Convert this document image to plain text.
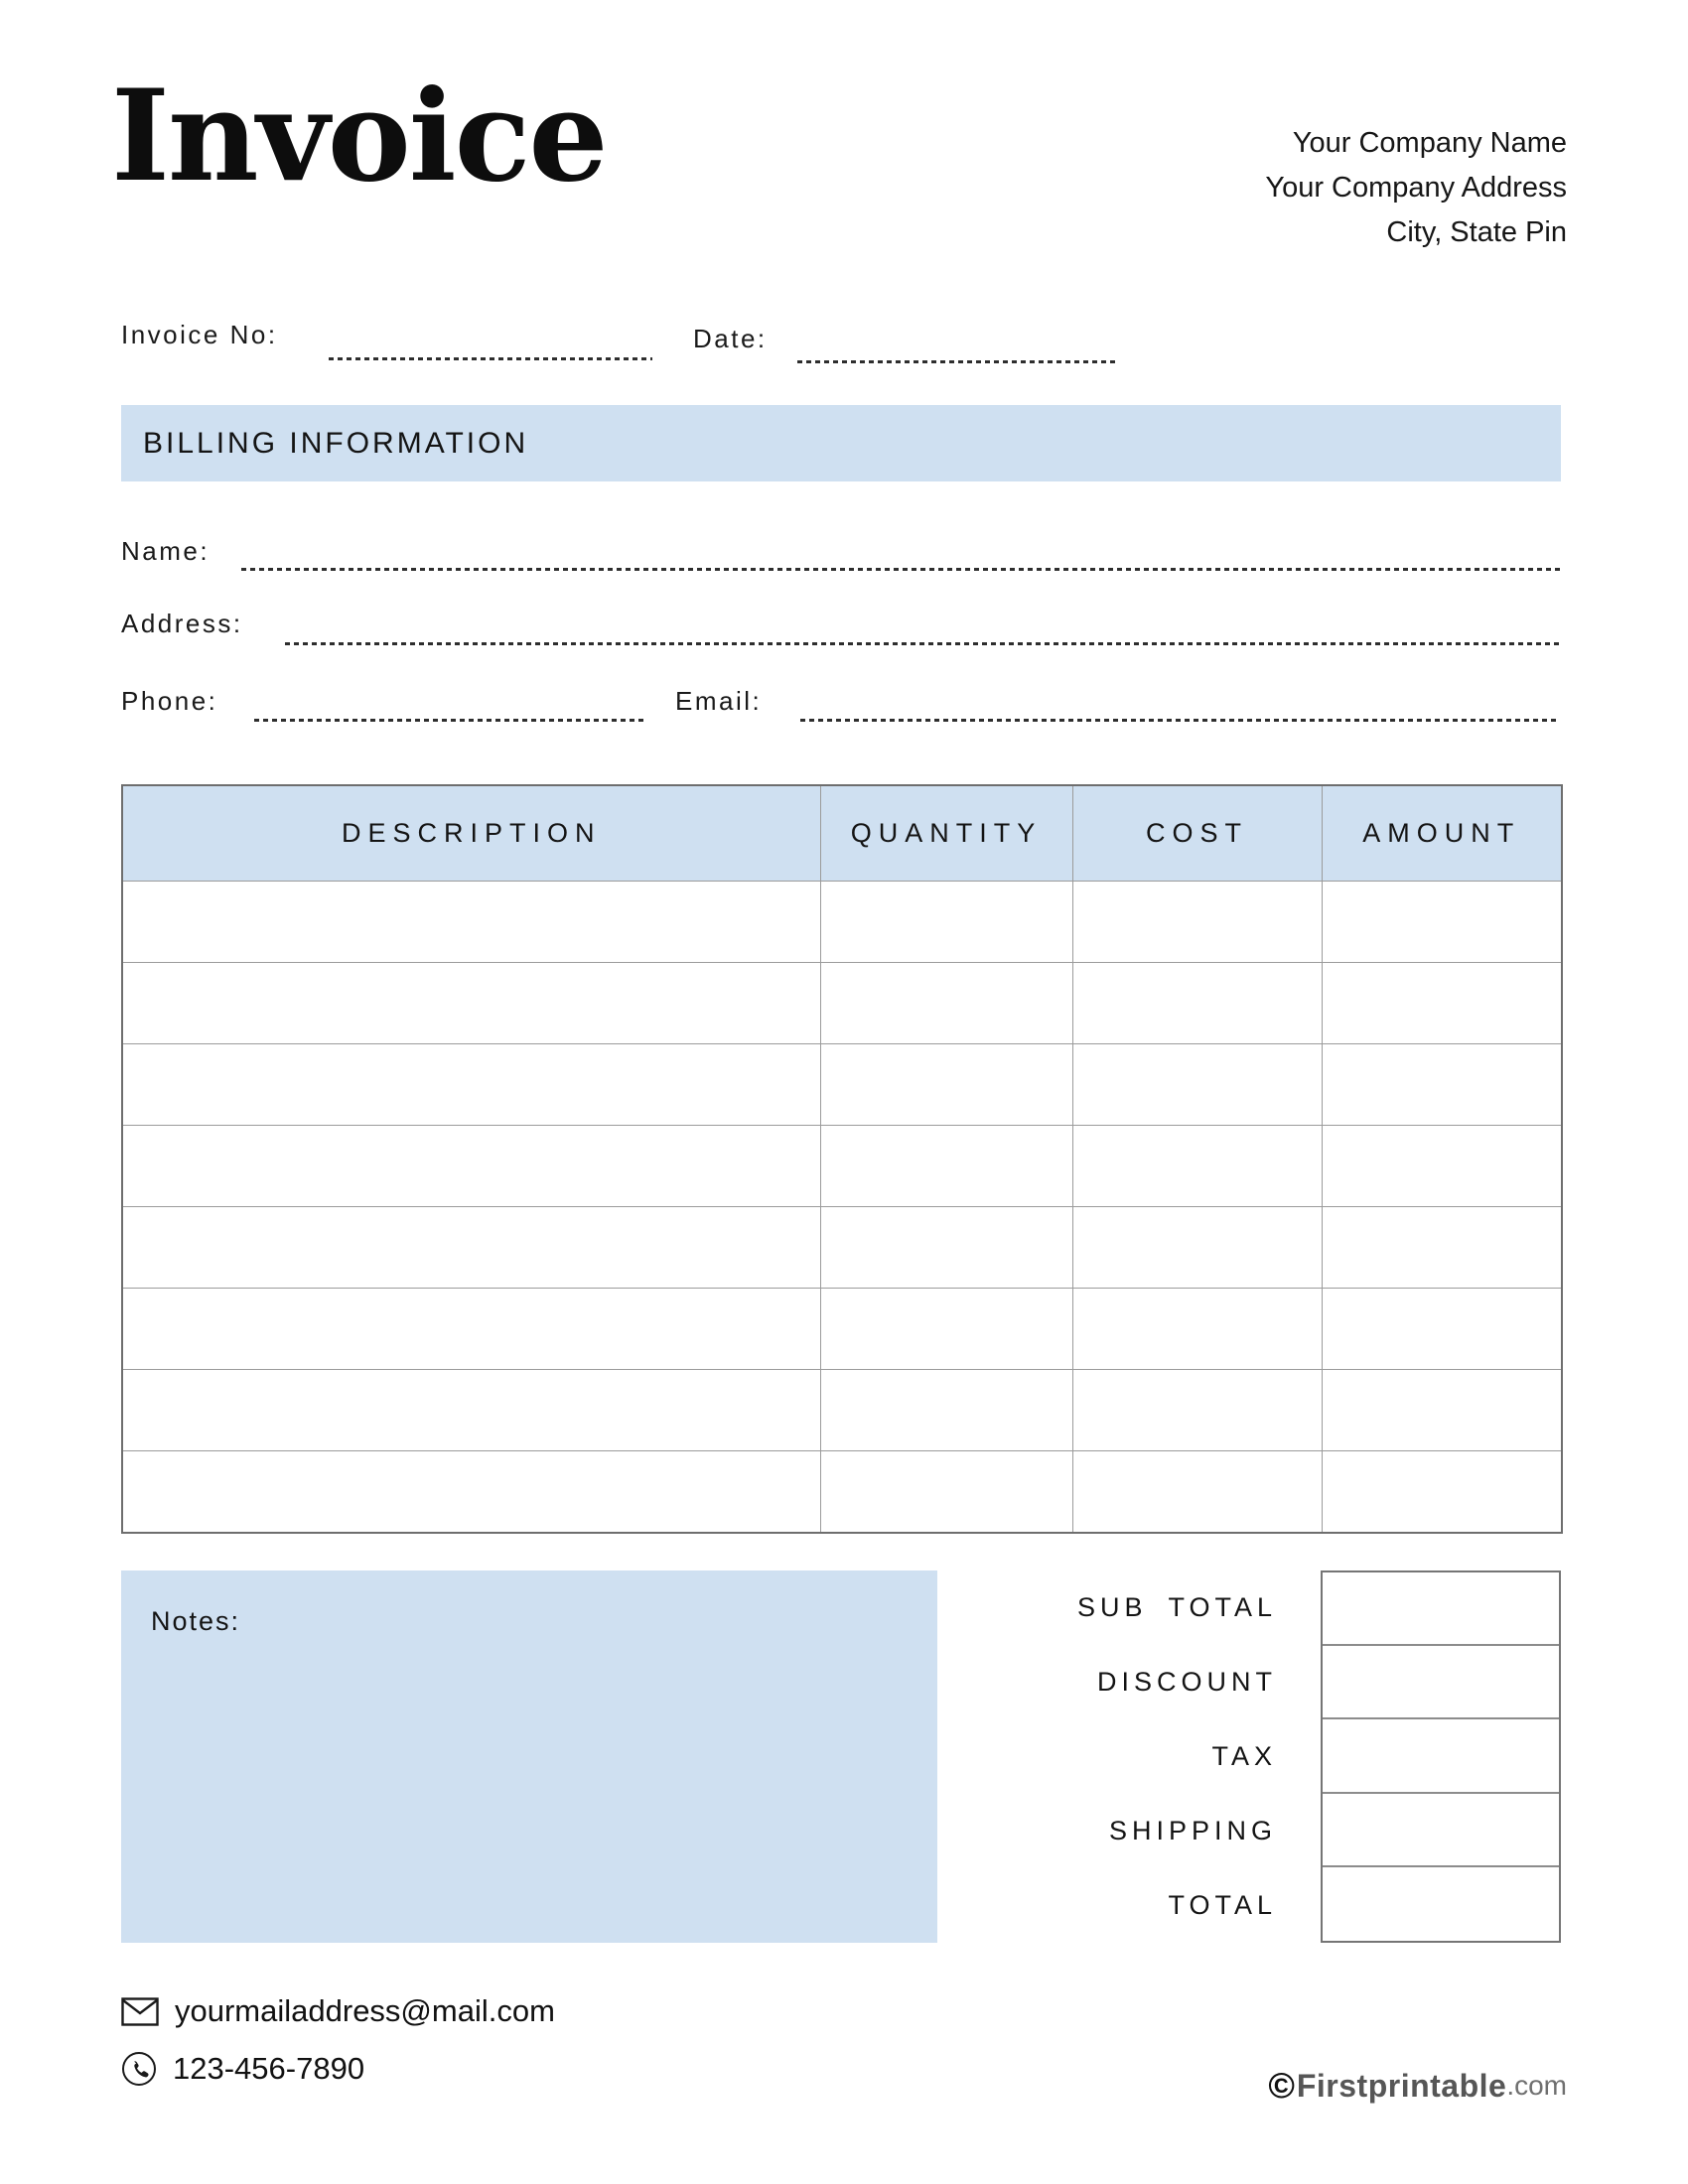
Invoice	Your Company Name
Your Company Address
City, State Pin
Invoice No:	Date:
BILLING INFORMATION
Name:
Address:
Phone:	Email:
DESCRIPTION	QUANTITY	COST	AMOUNT

Notes:	SUB TOTAL
DISCOUNT
TAX
SHIPPING
TOTAL
yourmailaddress@mail.com
123-456-7890	© Firstprintable .com
